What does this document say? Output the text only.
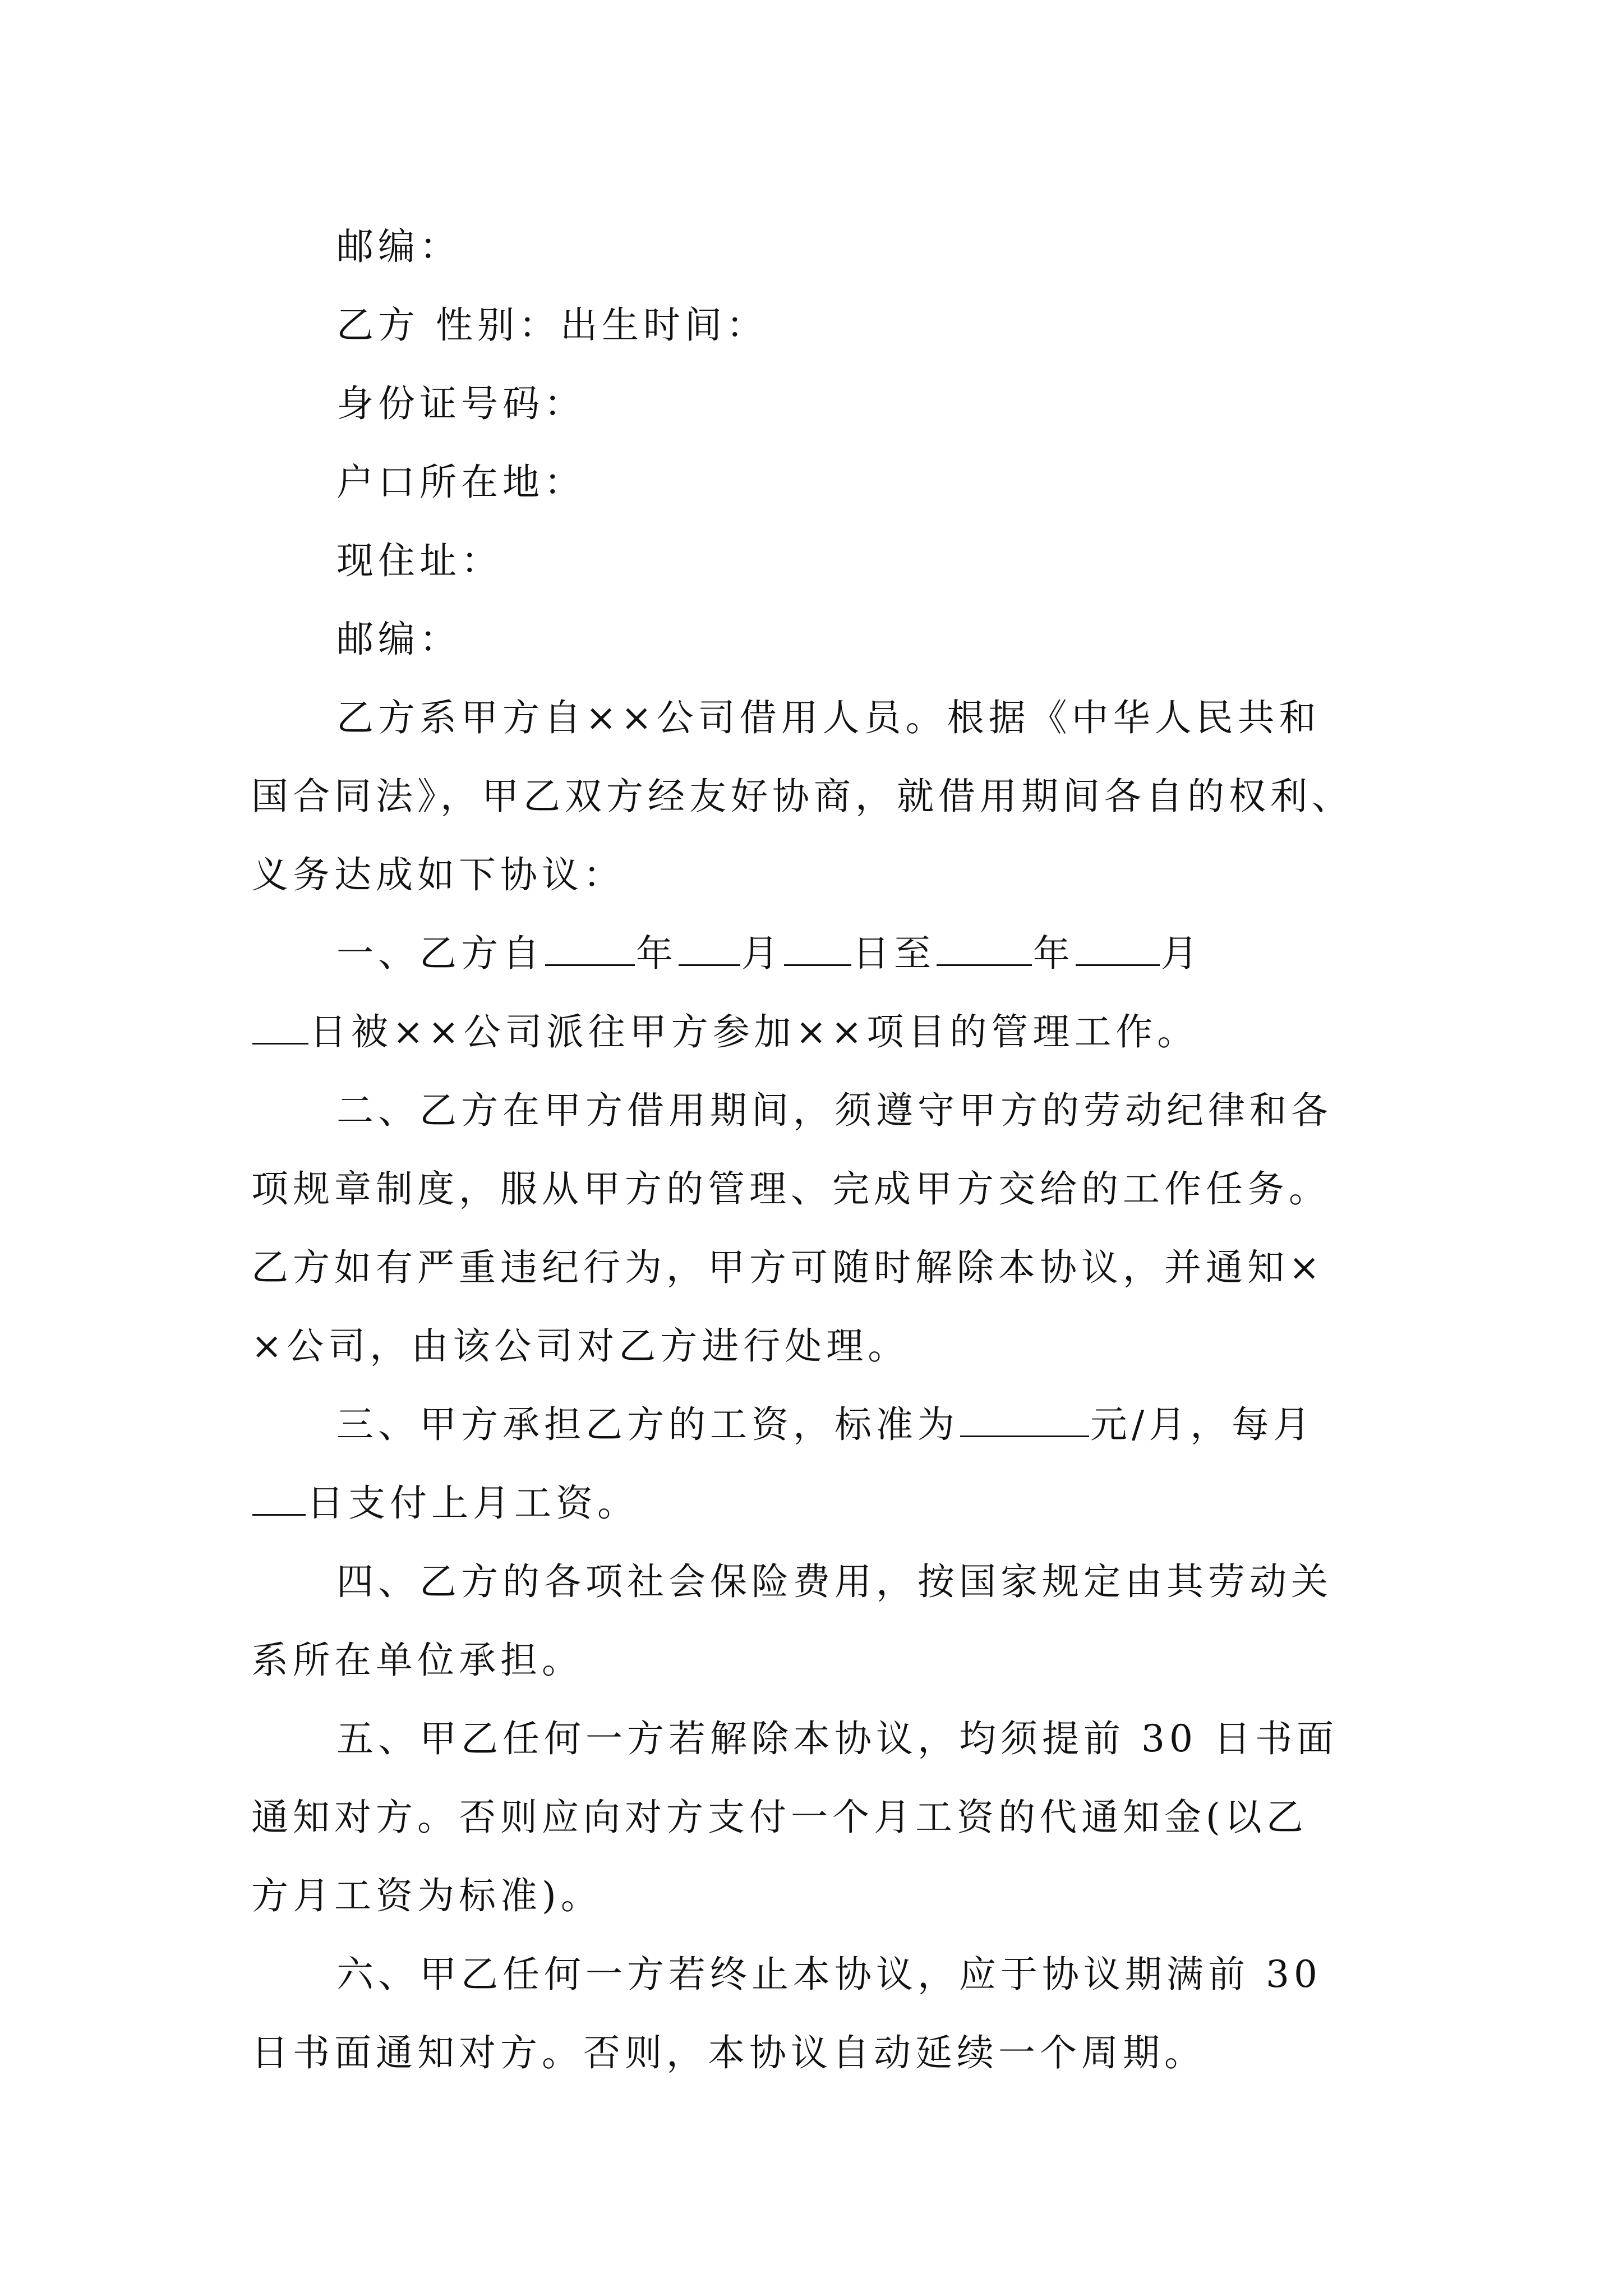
邮编：
乙方 性别：出生时间：
身份证号码：
户口所在地：
现住址：
邮编：
乙方系甲方自××公司借用人员。根据《中华人民共和
国合同法》，甲乙双方经友好协商，就借用期间各自的权利、
义务达成如下协议：
一、乙方自 年 月 日至	年 月
日被××公司派往甲方参加××项目的管理工作。
二、乙方在甲方借用期间，须遵守甲方的劳动纪律和各
项规章制度，服从甲方的管理、完成甲方交给的工作任务。
乙方如有严重违纪行为，甲方可随时解除本协议，并通知×
×公司，由该公司对乙方进行处理。
三、甲方承担乙方的工资，标准为	元/月，每月
日支付上月工资。
四、乙方的各项社会保险费用，按国家规定由其劳动关
系所在单位承担。
五、甲乙任何一方若解除本协议，均须提前 30 日书面
通知对方。否则应向对方支付一个月工资的代通知金(以乙
方月工资为标准)。
六、甲乙任何一方若终止本协议，应于协议期满前 30
日书面通知对方。否则，本协议自动延续一个周期。
